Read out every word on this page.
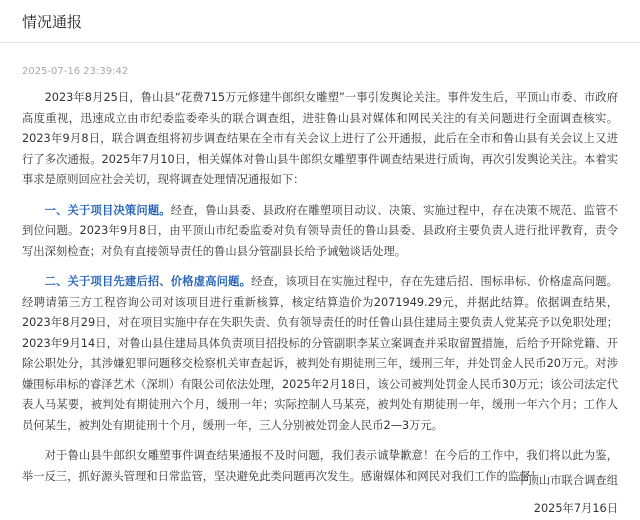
情况通报
2025-07-16 23:39:42

2023年8月25日，鲁山县“花费715万元修建牛郎织女雕塑”一事引发舆论关注。事件发生后，平顶山市委、市政府高度重视，迅速成立由市纪委监委牵头的联合调查组，进驻鲁山县对媒体和网民关注的有关问题进行全面调查核实。2023年9月8日，联合调查组将初步调查结果在全市有关会议上进行了公开通报，此后在全市和鲁山县有关会议上又进行了多次通报。2025年7月10日，相关媒体对鲁山县牛郎织女雕塑事件调查结果进行质询，再次引发舆论关注。本着实事求是原则回应社会关切，现将调查处理情况通报如下：

一、关于项目决策问题。经查，鲁山县委、县政府在雕塑项目动议、决策、实施过程中，存在决策不规范、监管不到位问题。2023年9月8日，由平顶山市纪委监委对负有领导责任的鲁山县委、县政府主要负责人进行批评教育，责令写出深刻检查；对负有直接领导责任的鲁山县分管副县长给予诫勉谈话处理。

二、关于项目先建后招、价格虚高问题。经查，该项目在实施过程中，存在先建后招、围标串标、价格虚高问题。经聘请第三方工程咨询公司对该项目进行重新核算，核定结算造价为2071949.29元，并据此结算。依据调查结果，2023年8月29日，对在项目实施中存在失职失责、负有领导责任的时任鲁山县住建局主要负责人党某亮予以免职处理；2023年9月14日，对鲁山县住建局具体负责项目招投标的分管副职李某立案调查并采取留置措施，后给予开除党籍、开除公职处分，其涉嫌犯罪问题移交检察机关审查起诉，被判处有期徒刑三年，缓刑三年，并处罚金人民币20万元。对涉嫌围标串标的睿泽艺术（深圳）有限公司依法处理，2025年2月18日，该公司被判处罚金人民币30万元；该公司法定代表人马某要，被判处有期徒刑六个月，缓刑一年；实际控制人马某亮，被判处有期徒刑一年，缓刑一年六个月；工作人员何某生，被判处有期徒刑十个月，缓刑一年，三人分别被处罚金人民币2—3万元。

对于鲁山县牛郎织女雕塑事件调查结果通报不及时问题，我们表示诚挚歉意！在今后的工作中，我们将以此为鉴，举一反三，抓好源头管理和日常监管，坚决避免此类问题再次发生。感谢媒体和网民对我们工作的监督！

平顶山市联合调查组
2025年7月16日
